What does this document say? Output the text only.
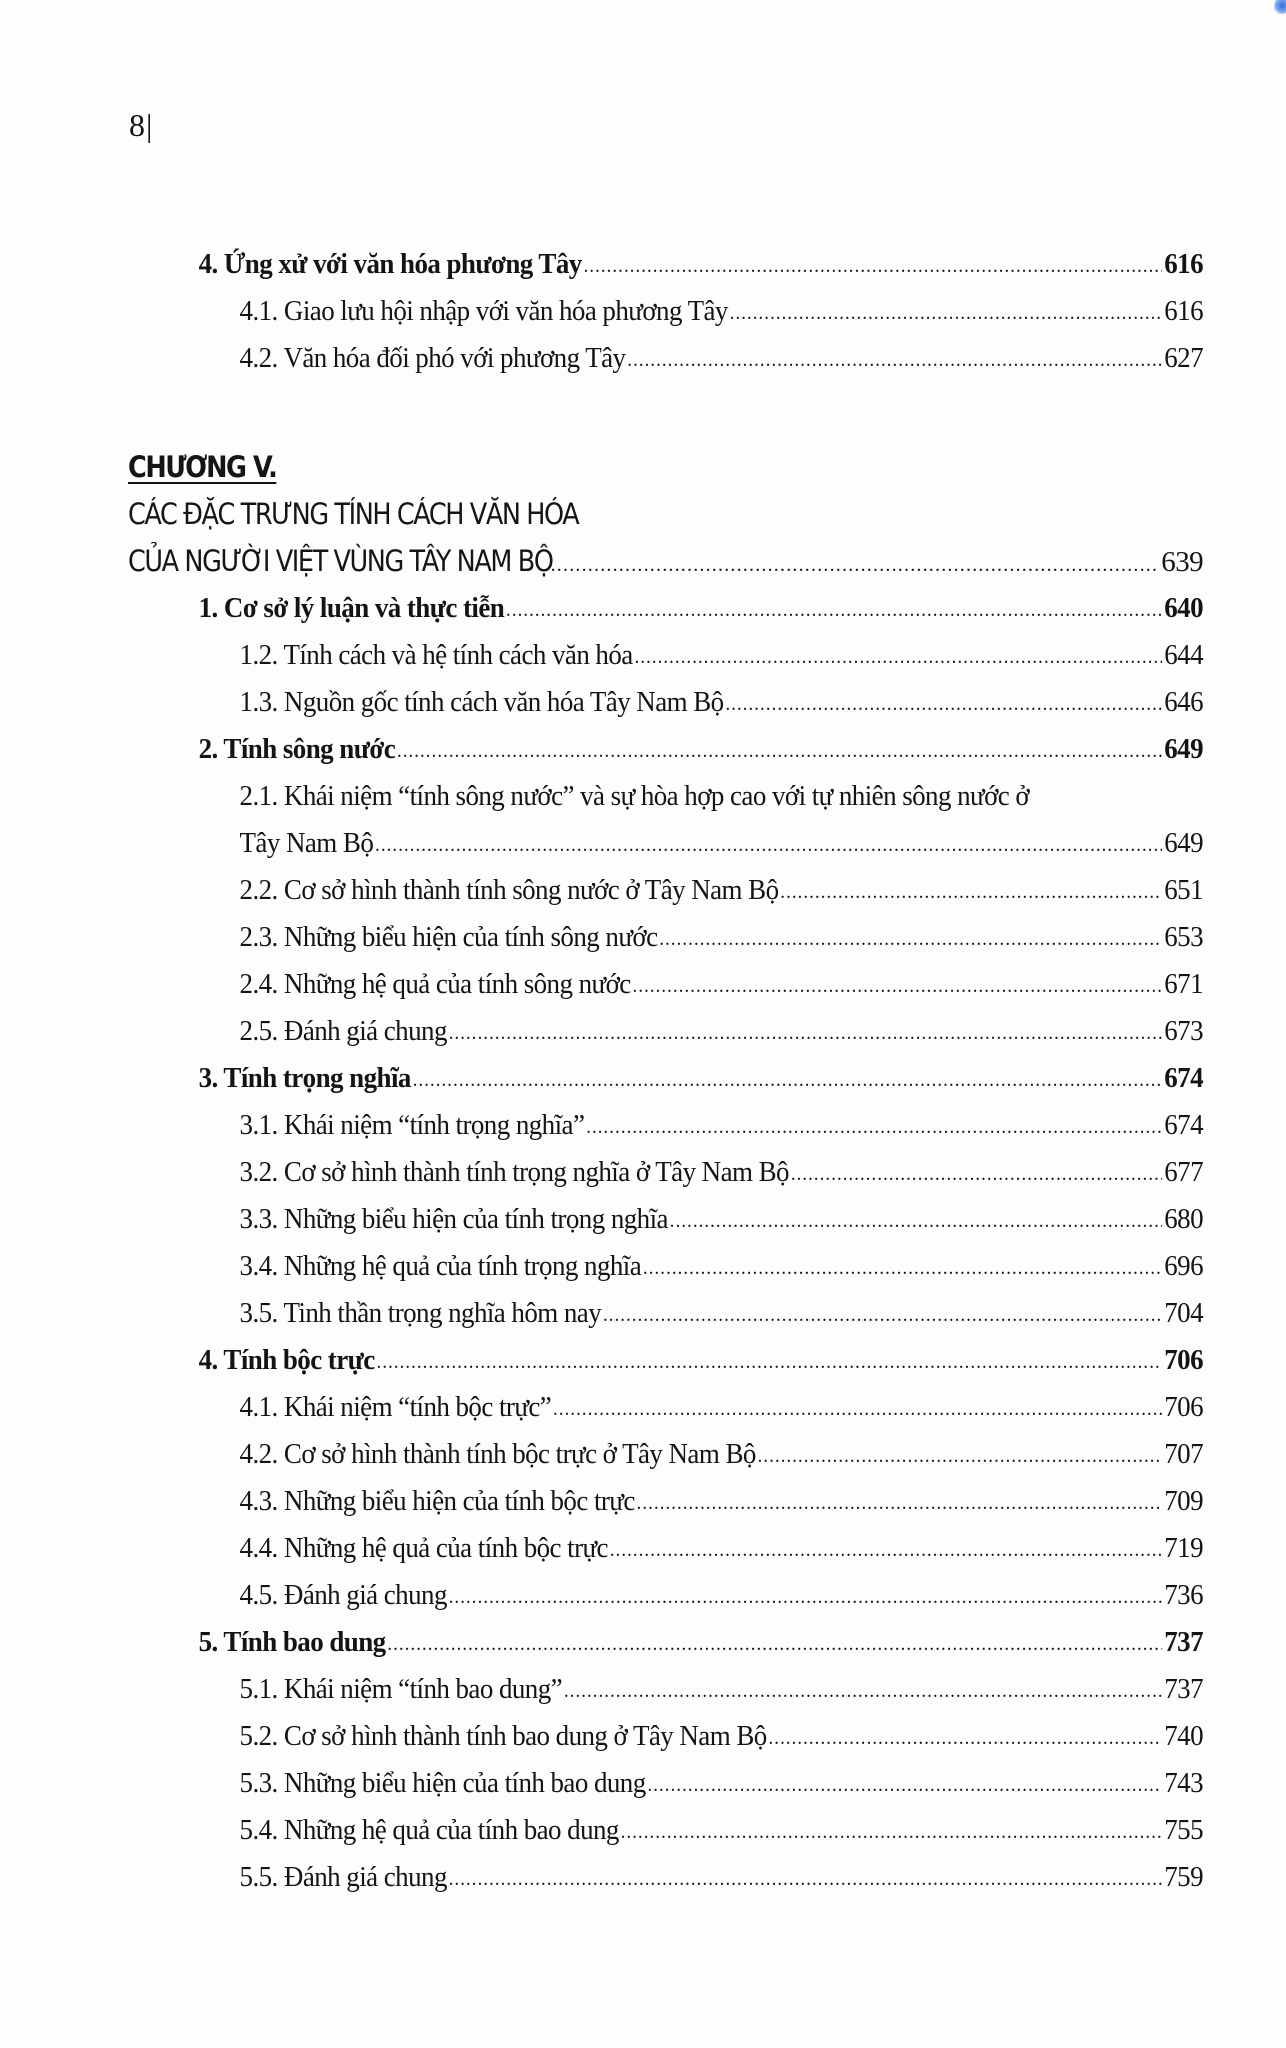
8|
4. Ứng xử với văn hóa phương Tây .....	616
4.1. Giao lưu hội nhập với văn hóa phương Tây .....	616
4.2. Văn hóa đối phó với phương Tây .....	627
CHƯƠNG V.
CÁC ĐẶC TRƯNG TÍNH CÁCH VĂN HÓA
CỦA NGƯỜI VIỆT VÙNG TÂY NAM BỘ .....	639
1. Cơ sở lý luận và thực tiễn .....	640
1.2. Tính cách và hệ tính cách văn hóa .....	644
1.3. Nguồn gốc tính cách văn hóa Tây Nam Bộ .....	646
2. Tính sông nước .....	649
2.1. Khái niệm “tính sông nước” và sự hòa hợp cao với tự nhiên sông nước ở
Tây Nam Bộ .....	649
2.2. Cơ sở hình thành tính sông nước ở Tây Nam Bộ .....	651
2.3. Những biểu hiện của tính sông nước .....	653
2.4. Những hệ quả của tính sông nước .....	671
2.5. Đánh giá chung .....	673
3. Tính trọng nghĩa .....	674
3.1. Khái niệm “tính trọng nghĩa” .....	674
3.2. Cơ sở hình thành tính trọng nghĩa ở Tây Nam Bộ .....	677
3.3. Những biểu hiện của tính trọng nghĩa .....	680
3.4. Những hệ quả của tính trọng nghĩa .....	696
3.5. Tinh thần trọng nghĩa hôm nay .....	704
4. Tính bộc trực .....	706
4.1. Khái niệm “tính bộc trực” .....	706
4.2. Cơ sở hình thành tính bộc trực ở Tây Nam Bộ .....	707
4.3. Những biểu hiện của tính bộc trực .....	709
4.4. Những hệ quả của tính bộc trực .....	719
4.5. Đánh giá chung .....	736
5. Tính bao dung .....	737
5.1. Khái niệm “tính bao dung” .....	737
5.2. Cơ sở hình thành tính bao dung ở Tây Nam Bộ .....	740
5.3. Những biểu hiện của tính bao dung .....	743
5.4. Những hệ quả của tính bao dung .....	755
5.5. Đánh giá chung .....	759
